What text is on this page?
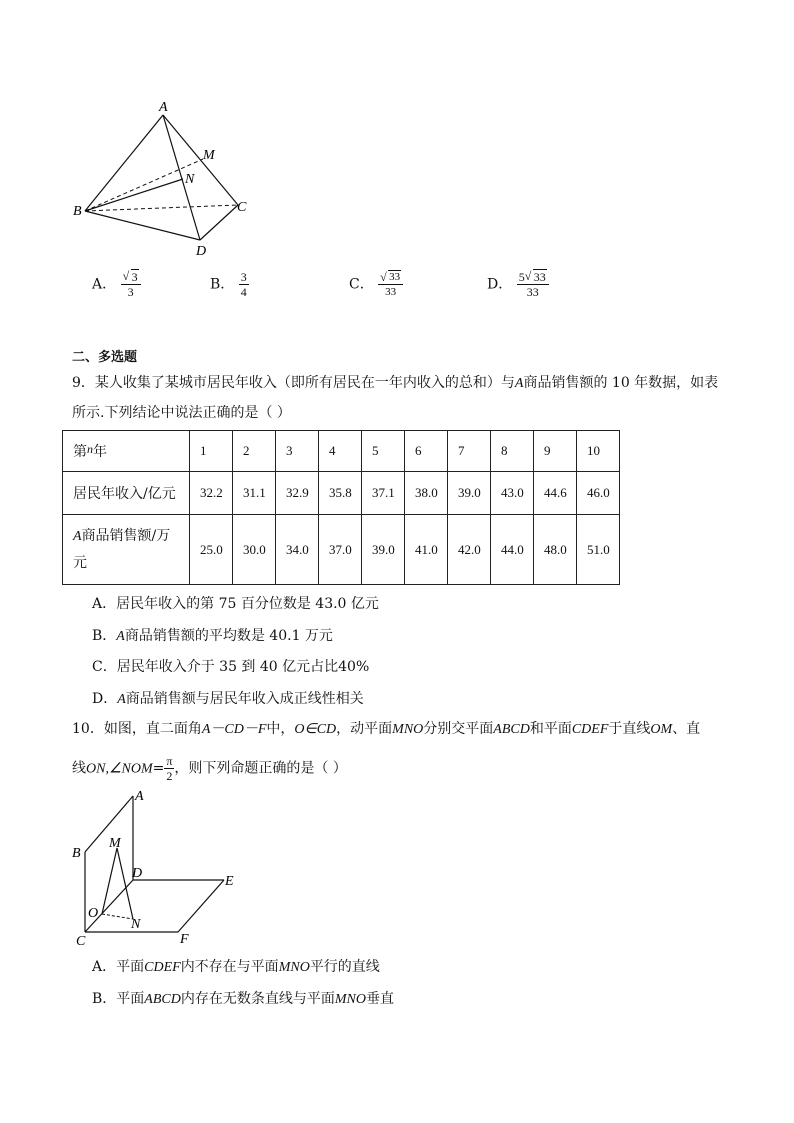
A
M
N
B	C
D
A． √ $\frac{3}{3}$	B． $\frac{3}{4}$	C． √ $\frac{33}{33}$	D． $\frac{5 √ 33}{33}$
二、多选题
9．某人收集了某城市居民年收入（即所有居民在一年内收入的总和）与A商品销售额的 10 年数据，如表
所示.下列结论中说法正确的是（ ）
第n年	1	2	3	4	5	6	7	8	9	10
居民年收入/亿元	32.2	31.1	32.9	35.8	37.1	38.0	39.0	43.0	44.6	46.0
A商品销售额/万
元	25.0	30.0	34.0	37.0	39.0	41.0	42.0	44.0	48.0	51.0
A．居民年收入的第 75 百分位数是 43.0 亿元
B．A商品销售额的平均数是 40.1 万元
C．居民年收入介于 35 到 40 亿元占比40%
D．A商品销售额与居民年收入成正线性相关
10．如图，直二面角A－CD－F中，O∈CD，动平面MNO分别交平面ABCD和平面CDEF于直线OM、直
线ON,∠NOM= $\frac{\pi}{2}$ ，则下列命题正确的是（ ）
A
B
M
D
E
O
N
C	F
A．平面CDEF内不存在与平面MNO平行的直线
B．平面ABCD内存在无数条直线与平面MNO垂直
